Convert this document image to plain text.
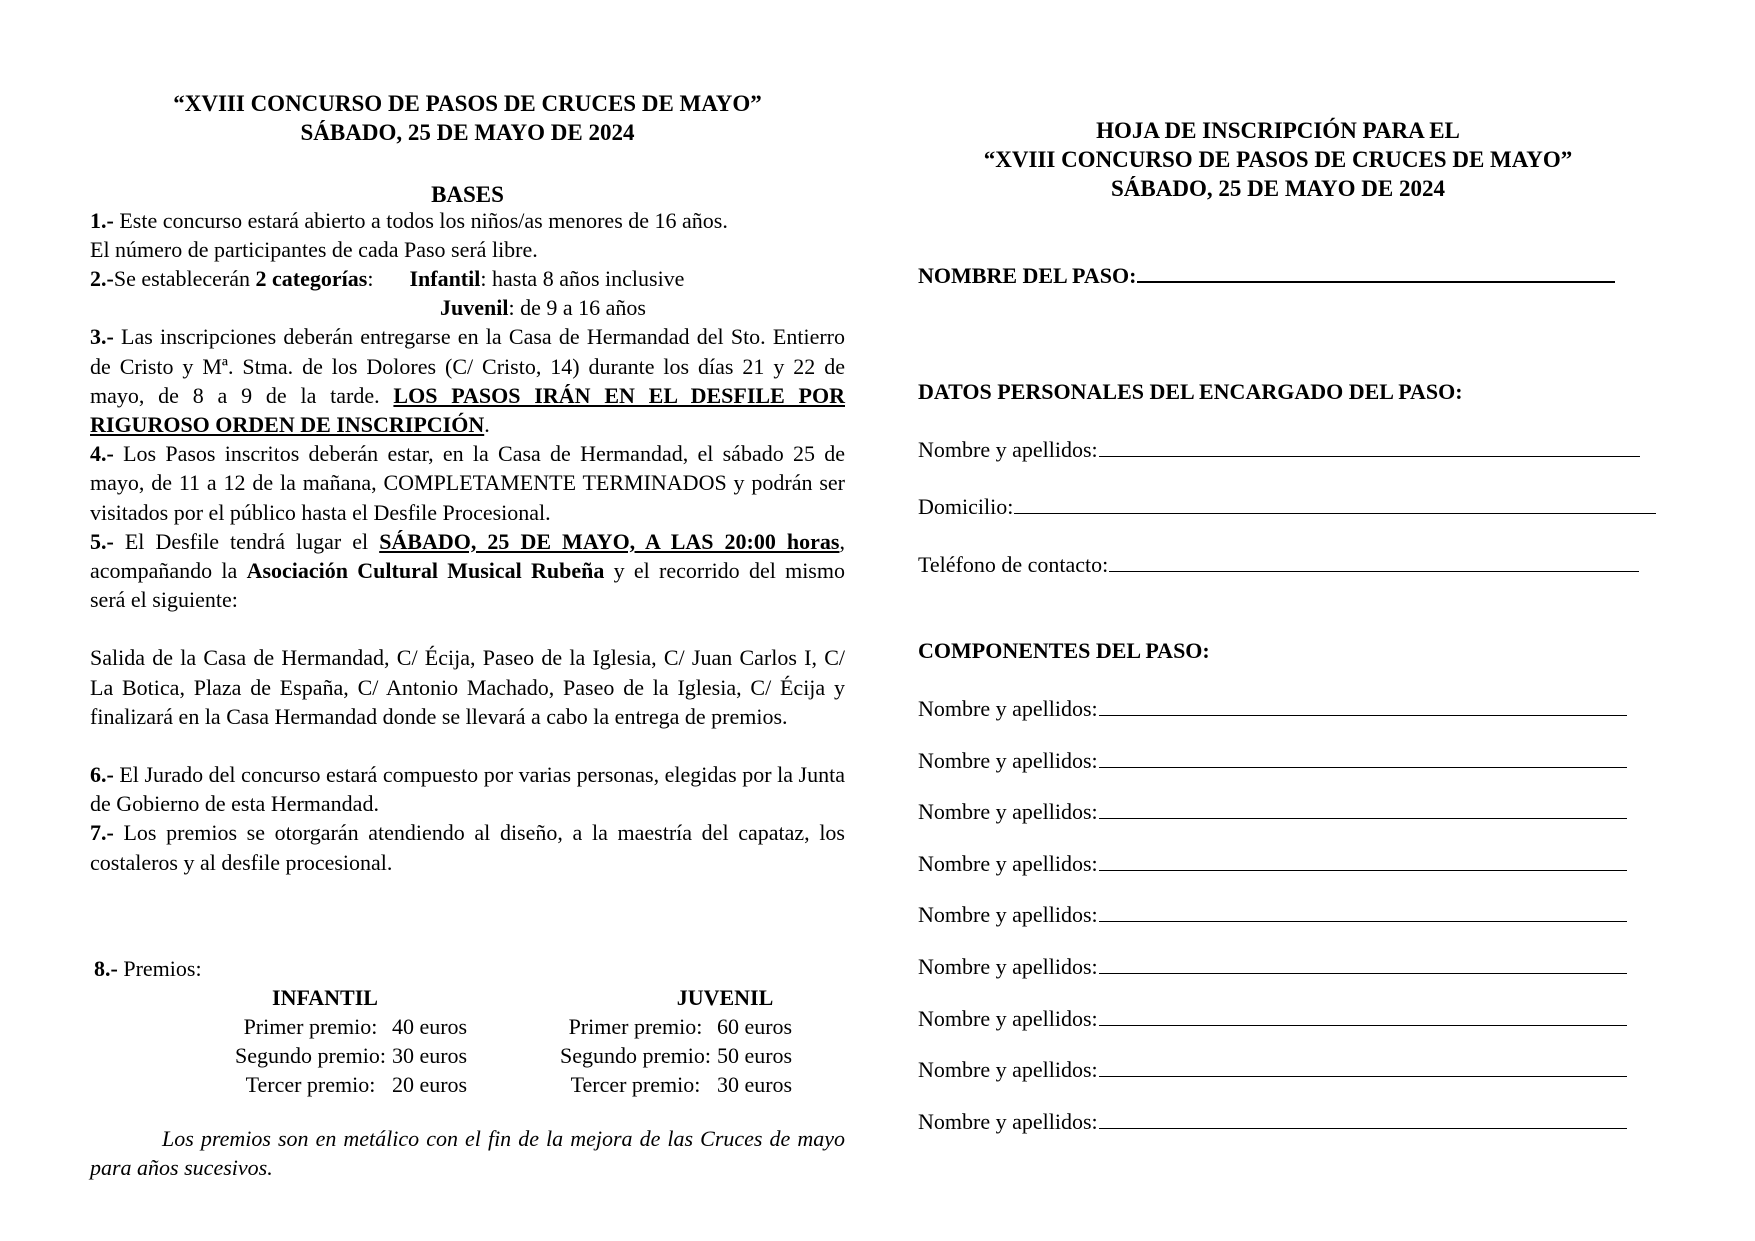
“XVIII CONCURSO DE PASOS DE CRUCES DE MAYO”
SÁBADO, 25 DE MAYO DE 2024
BASES

1.- Este concurso estará abierto a todos los niños/as menores de 16 años.
El número de participantes de cada Paso será libre.

2.-Se establecerán 2 categorías: Infantil: hasta 8 años inclusive
Juvenil: de 9 a 16 años

3.- Las inscripciones deberán entregarse en la Casa de Hermandad del Sto. Entierro de Cristo y Mª. Stma. de los Dolores (C/ Cristo, 14) durante los días 21 y 22 de mayo, de 8 a 9 de la tarde. LOS PASOS IRÁN EN EL DESFILE POR RIGUROSO ORDEN DE INSCRIPCIÓN.

4.- Los Pasos inscritos deberán estar, en la Casa de Hermandad, el sábado 25 de mayo, de 11 a 12 de la mañana, COMPLETAMENTE TERMINADOS y podrán ser visitados por el público hasta el Desfile Procesional.

5.- El Desfile tendrá lugar el SÁBADO, 25 DE MAYO, A LAS 20:00 horas, acompañando la Asociación Cultural Musical Rubeña y el recorrido del mismo será el siguiente:

Salida de la Casa de Hermandad, C/ Écija, Paseo de la Iglesia, C/ Juan Carlos I, C/ La Botica, Plaza de España, C/ Antonio Machado, Paseo de la Iglesia, C/ Écija y finalizará en la Casa Hermandad donde se llevará a cabo la entrega de premios.

6.- El Jurado del concurso estará compuesto por varias personas, elegidas por la Junta de Gobierno de esta Hermandad.

7.- Los premios se otorgarán atendiendo al diseño, a la maestría del capataz, los costaleros y al desfile procesional.

8.- Premios:
INFANTIL
Primer premio:	40 euros
Segundo premio:	30 euros
Tercer premio:	20 euros
JUVENIL
Primer premio:	60 euros
Segundo premio:	50 euros
Tercer premio:	30 euros

Los premios son en metálico con el fin de la mejora de las Cruces de mayo para años sucesivos.

HOJA DE INSCRIPCIÓN PARA EL
“XVIII CONCURSO DE PASOS DE CRUCES DE MAYO”
SÁBADO, 25 DE MAYO DE 2024
NOMBRE DEL PASO:
DATOS PERSONALES DEL ENCARGADO DEL PASO:
Nombre y apellidos:
Domicilio:
Teléfono de contacto:
COMPONENTES DEL PASO:
Nombre y apellidos:
Nombre y apellidos:
Nombre y apellidos:
Nombre y apellidos:
Nombre y apellidos:
Nombre y apellidos:
Nombre y apellidos:
Nombre y apellidos:
Nombre y apellidos:
